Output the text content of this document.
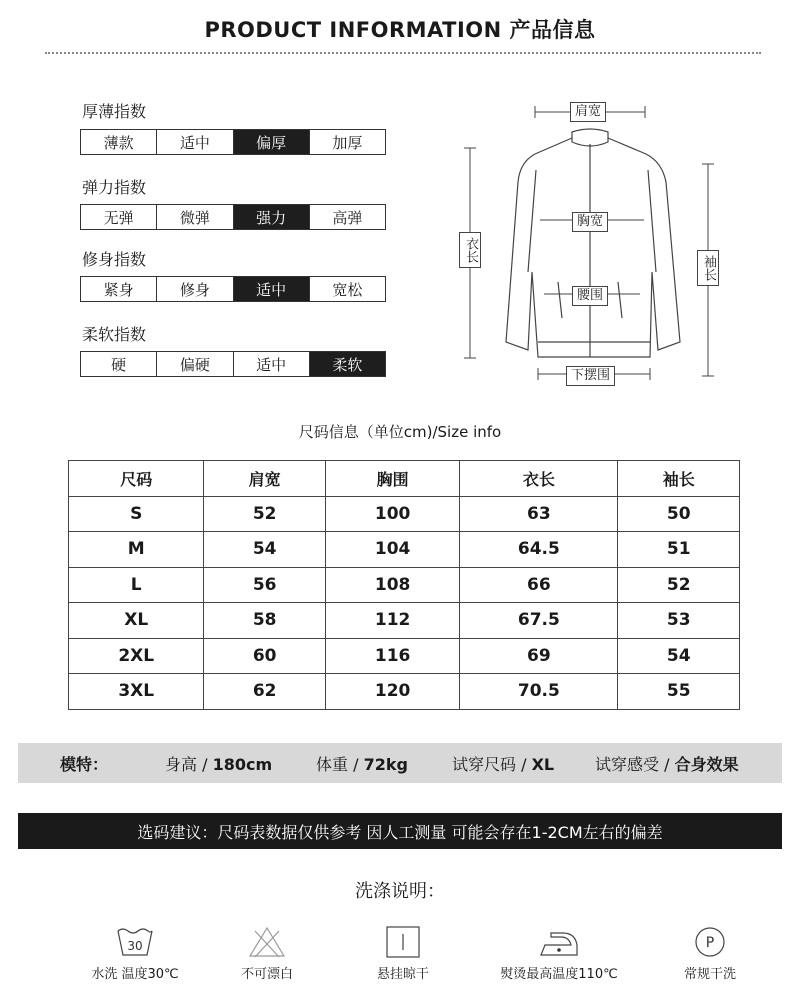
PRODUCT INFORMATION 产品信息
厚薄指数
薄款	适中	偏厚	加厚
弹力指数
无弹	微弹	强力	高弹
修身指数
紧身	修身	适中	宽松
柔软指数
硬	偏硬	适中	柔软
肩宽
胸宽
腰围
下摆围
衣长
袖长
尺码信息（单位cm)/Size info
尺码	肩宽	胸围	衣长	袖长
S	52	100	63	50
M	54	104	64.5	51
L	56	108	66	52
XL	58	112	67.5	53
2XL	60	116	69	54
3XL	62	120	70.5	55
模特：	身高 / 180cm	体重 / 72kg	试穿尺码 / XL	试穿感受 / 合身效果
选码建议：尺码表数据仅供参考 因人工测量 可能会存在1-2CM左右的偏差
洗涤说明：
30
水洗 温度30℃	不可漂白	悬挂晾干	熨烫最高温度110℃
P
常规干洗
